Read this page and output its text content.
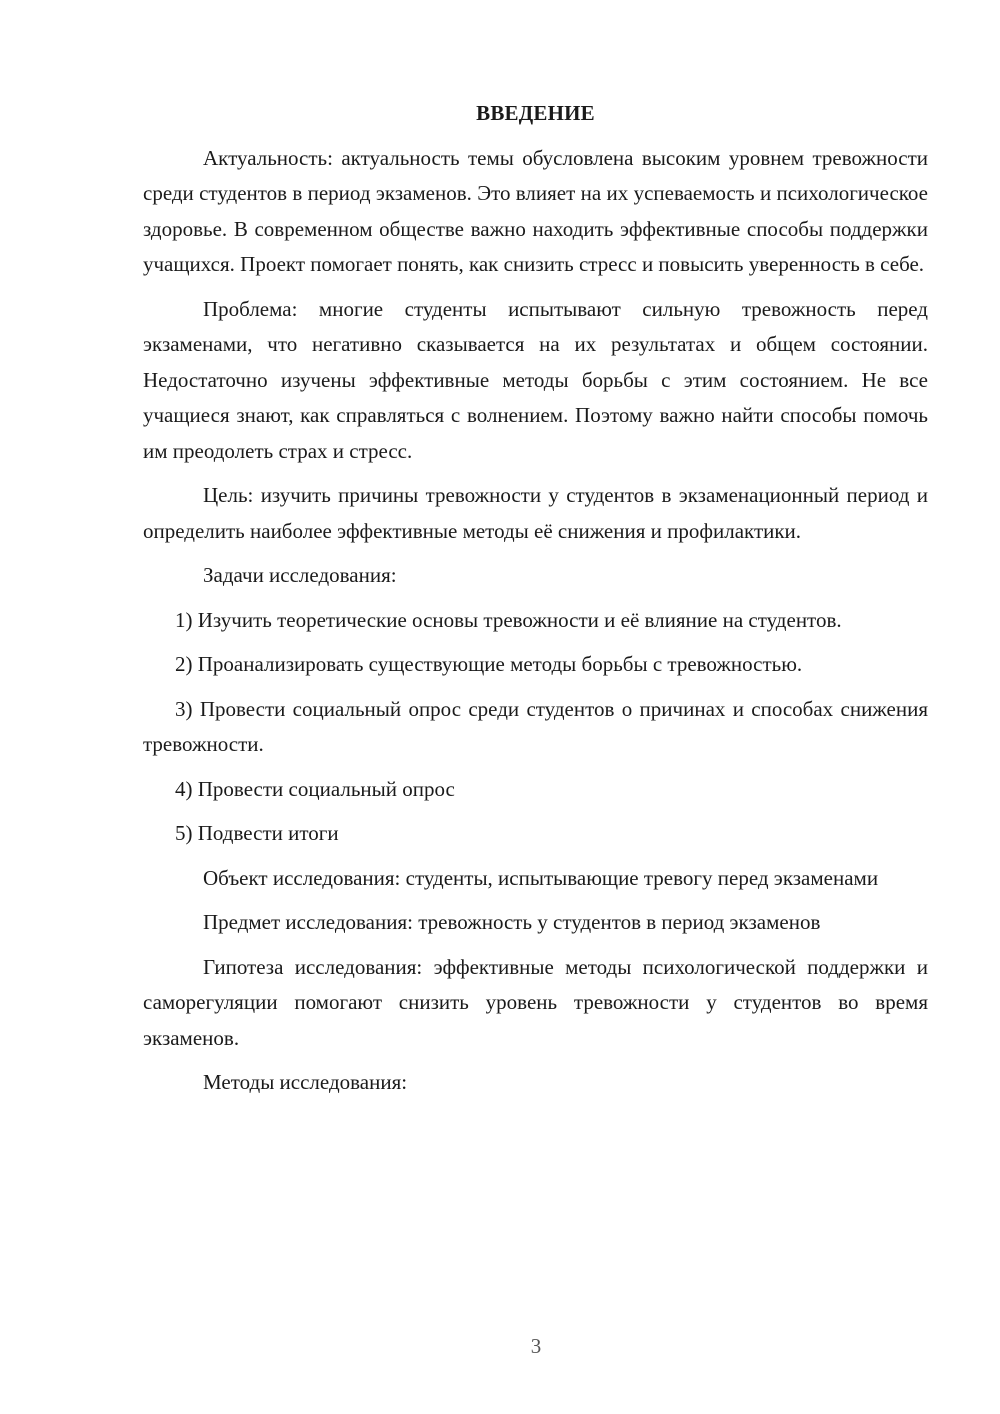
ВВЕДЕНИЕ

Актуальность: актуальность темы обусловлена высоким уровнем тревожности среди студентов в период экзаменов. Это влияет на их успеваемость и психологическое здоровье. В современном обществе важно находить эффективные способы поддержки учащихся. Проект помогает понять, как снизить стресс и повысить уверенность в себе.

Проблема: многие студенты испытывают сильную тревожность перед экзаменами, что негативно сказывается на их результатах и общем состоянии. Недостаточно изучены эффективные методы борьбы с этим состоянием. Не все учащиеся знают, как справляться с волнением. Поэтому важно найти способы помочь им преодолеть страх и стресс.

Цель: изучить причины тревожности у студентов в экзаменационный период и определить наиболее эффективные методы её снижения и профилактики.

Задачи исследования:

1) Изучить теоретические основы тревожности и её влияние на студентов.

2) Проанализировать существующие методы борьбы с тревожностью.

3) Провести социальный опрос среди студентов о причинах и способах снижения тревожности.

4) Провести социальный опрос

5) Подвести итоги

Объект исследования: студенты, испытывающие тревогу перед экзаменами

Предмет исследования: тревожность у студентов в период экзаменов

Гипотеза исследования: эффективные методы психологической поддержки и саморегуляции помогают снизить уровень тревожности у студентов во время экзаменов.

Методы исследования:

3
